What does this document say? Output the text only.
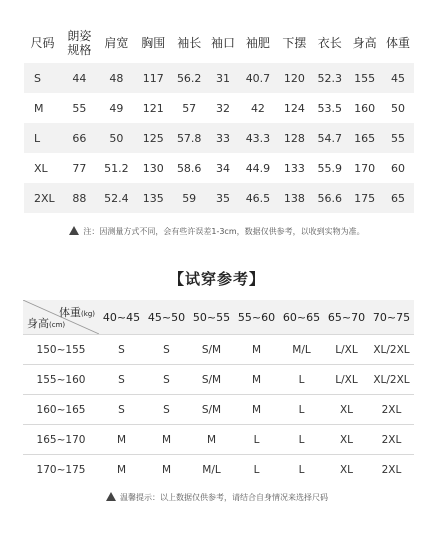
尺码	朗姿规格	肩宽	胸围	袖长	袖口	袖肥	下摆	衣长	身高	体重
S	44	48	117	56.2	31	40.7	120	52.3	155	45
M	55	49	121	57	32	42	124	53.5	160	50
L	66	50	125	57.8	33	43.3	128	54.7	165	55
XL	77	51.2	130	58.6	34	44.9	133	55.9	170	60
2XL	88	52.4	135	59	35	46.5	138	56.6	175	65
注：因测量方式不同，会有些许误差1-3cm，数据仅供参考，以收到实物为准。
【试穿参考】
体重(kg)
身高(cm)	40~45	45~50	50~55	55~60	60~65	65~70	70~75
150~155	S	S	S/M	M	M/L	L/XL	XL/2XL
155~160	S	S	S/M	M	L	L/XL	XL/2XL
160~165	S	S	S/M	M	L	XL	2XL
165~170	M	M	M	L	L	XL	2XL
170~175	M	M	M/L	L	L	XL	2XL
温馨提示：以上数据仅供参考，请结合自身情况来选择尺码
